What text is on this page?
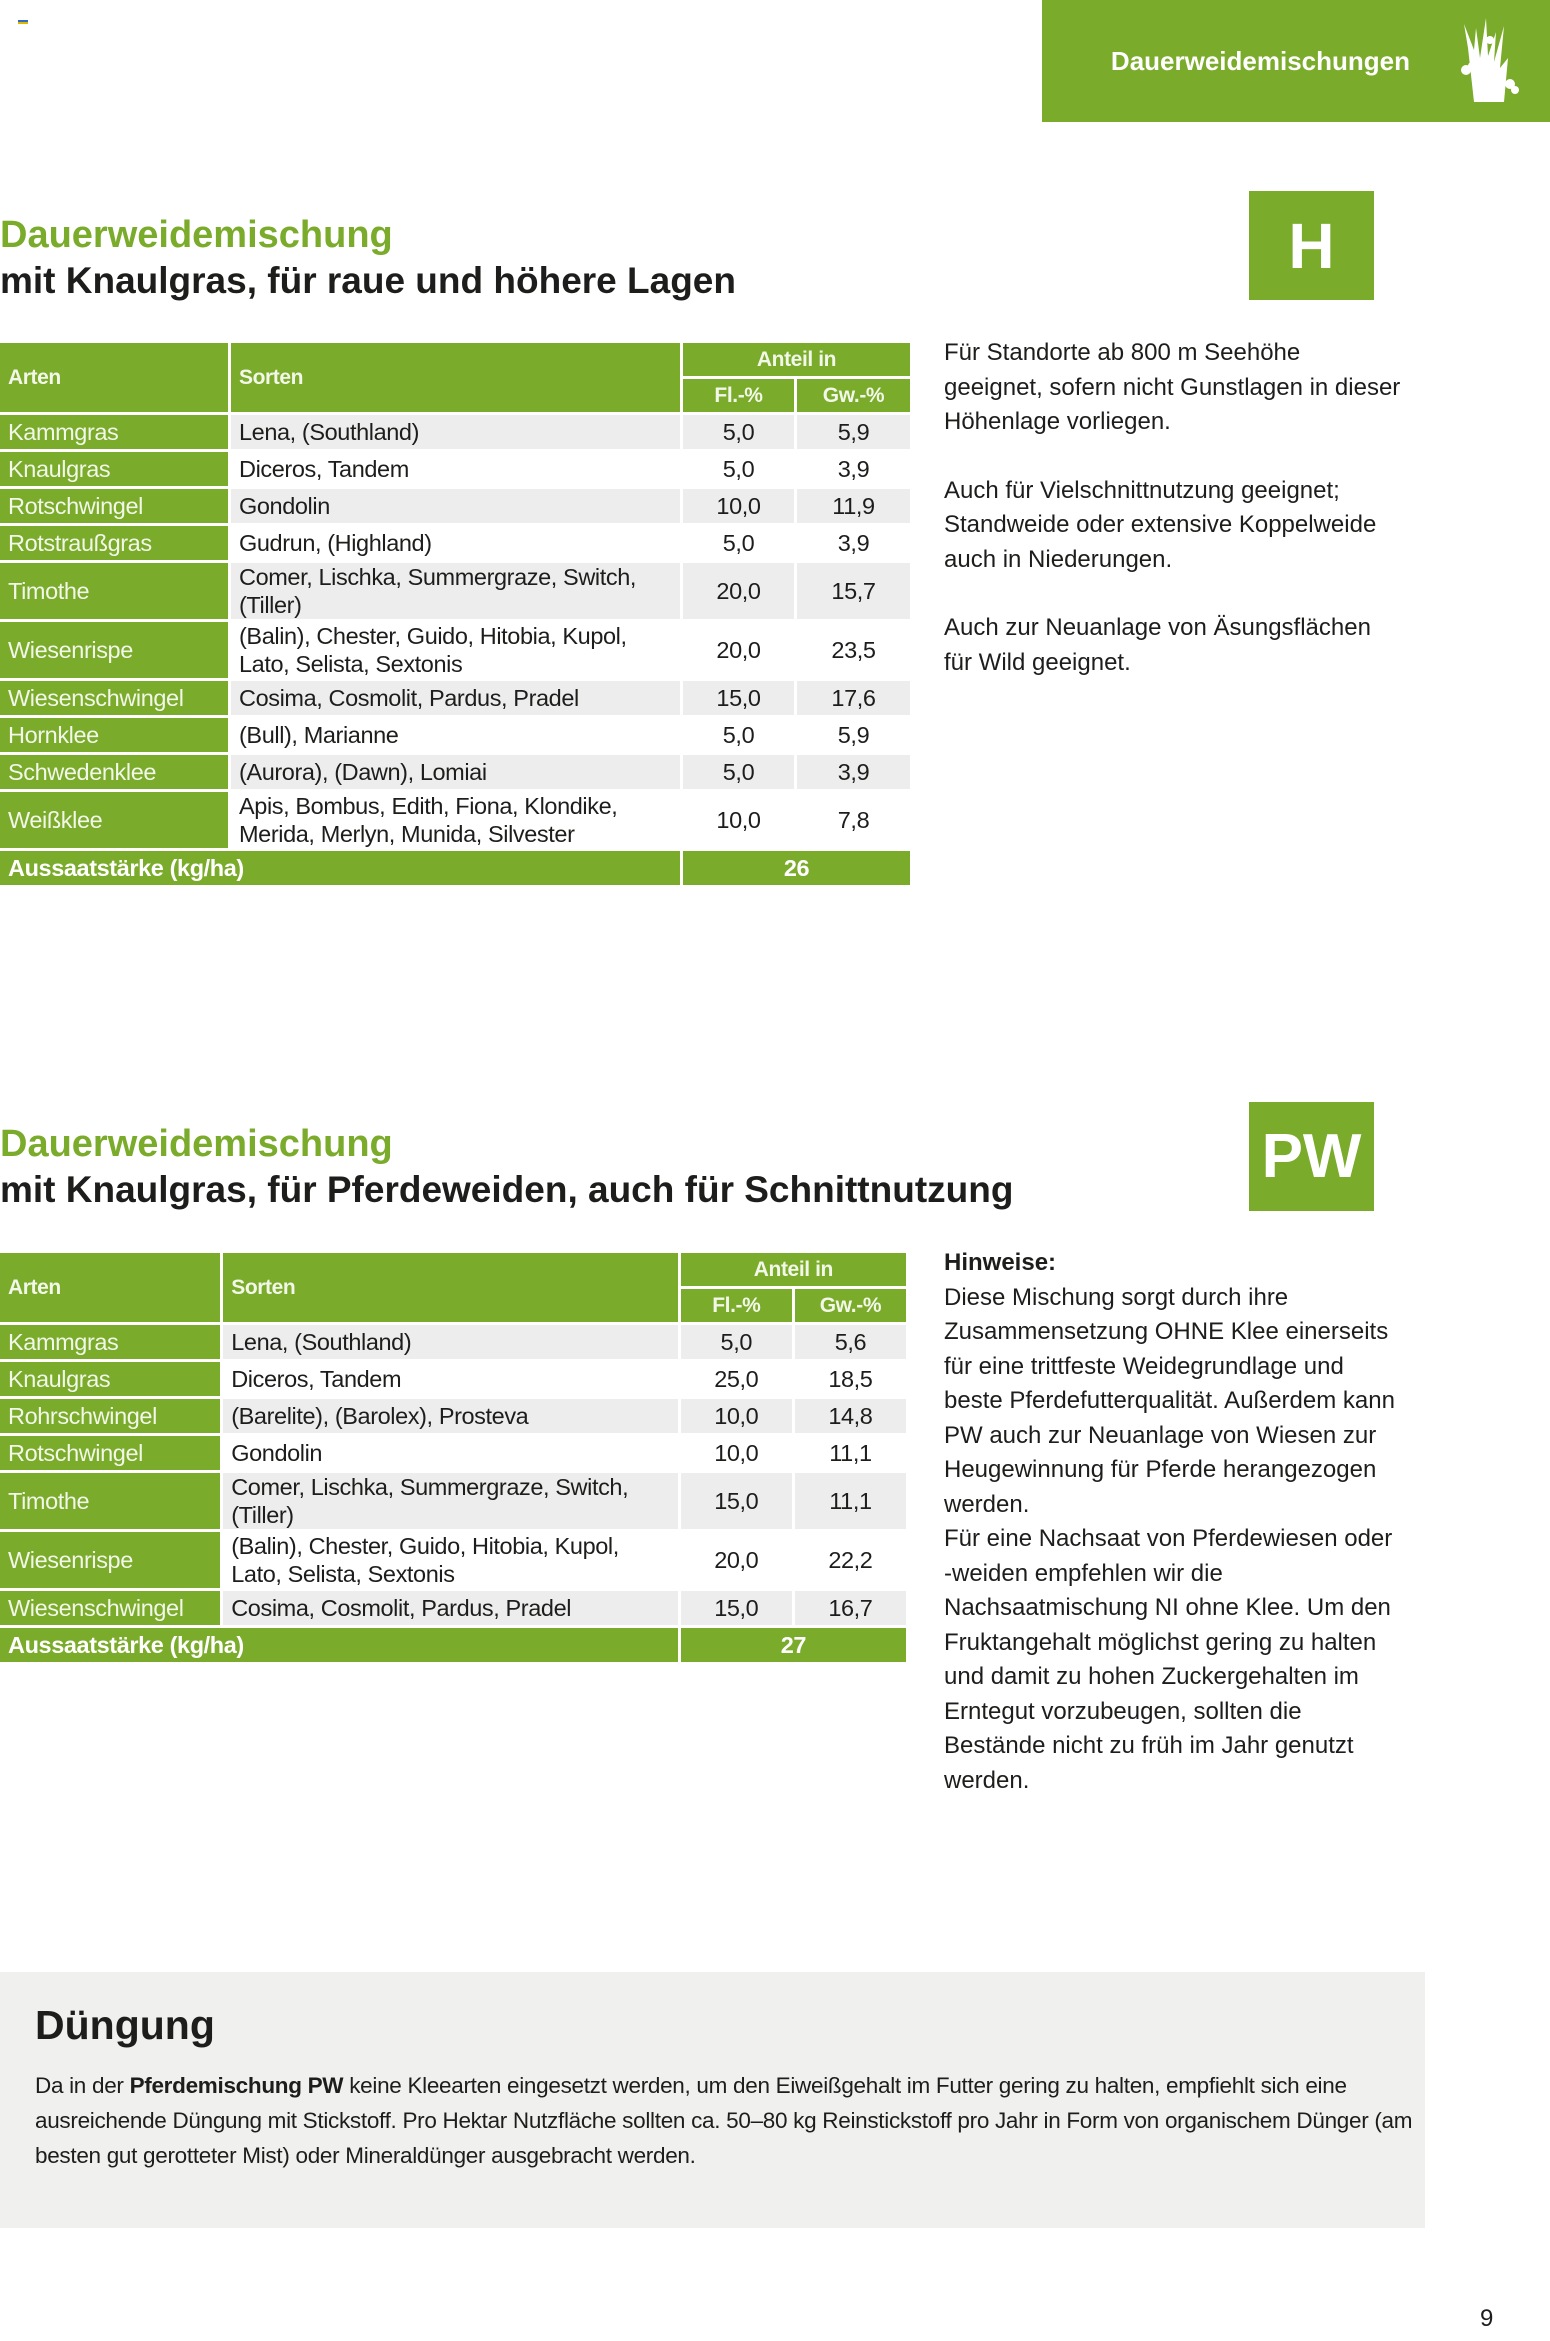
Dauerweidemischungen
Dauerweidemischung
mit Knaulgras, für raue und höhere Lagen	H
Arten	Sorten	Anteil in	
		Fl.-%	Gw.-%
Kammgras	Lena, (Southland)	5,0	5,9
Knaulgras	Diceros, Tandem	5,0	3,9
Rotschwingel	Gondolin	10,0	11,9
Rotstraußgras	Gudrun, (Highland)	5,0	3,9
Timothe	Comer, Lischka, Summergraze, Switch, (Tiller)	20,0	15,7
Wiesenrispe	(Balin), Chester, Guido, Hitobia, Kupol, Lato, Selista, Sextonis	20,0	23,5
Wiesenschwingel	Cosima, Cosmolit, Pardus, Pradel	15,0	17,6
Hornklee	(Bull), Marianne	5,0	5,9
Schwedenklee	(Aurora), (Dawn), Lomiai	5,0	3,9
Weißklee	Apis, Bombus, Edith, Fiona, Klondike, Merida, Merlyn, Munida, Silvester	10,0	7,8
Aussaatstärke (kg/ha)		26	

Für Standorte ab 800 m Seehöhe geeignet, sofern nicht Gunstlagen in dieser Höhenlage vorliegen.

Auch für Vielschnittnutzung geeignet; Standweide oder extensive Koppelweide auch in Niederungen.

Auch zur Neuanlage von Äsungsflächen für Wild geeignet.

Dauerweidemischung
mit Knaulgras, für Pferdeweiden, auch für Schnittnutzung	PW
Arten	Sorten	Anteil in	
		Fl.-%	Gw.-%
Kammgras	Lena, (Southland)	5,0	5,6
Knaulgras	Diceros, Tandem	25,0	18,5
Rohrschwingel	(Barelite), (Barolex), Prosteva	10,0	14,8
Rotschwingel	Gondolin	10,0	11,1
Timothe	Comer, Lischka, Summergraze, Switch, (Tiller)	15,0	11,1
Wiesenrispe	(Balin), Chester, Guido, Hitobia, Kupol, Lato, Selista, Sextonis	20,0	22,2
Wiesenschwingel	Cosima, Cosmolit, Pardus, Pradel	15,0	16,7
Aussaatstärke (kg/ha)		27	
Hinweise:
Diese Mischung sorgt durch ihre Zusammensetzung OHNE Klee einerseits für eine trittfeste Weidegrundlage und beste Pferdefutterqualität. Außerdem kann PW auch zur Neuanlage von Wiesen zur Heugewinnung für Pferde herangezogen werden.
Für eine Nachsaat von Pferdewiesen oder -weiden empfehlen wir die Nachsaatmischung NI ohne Klee. Um den Fruktangehalt möglichst gering zu halten und damit zu hohen Zuckergehalten im Erntegut vorzubeugen, sollten die Bestände nicht zu früh im Jahr genutzt werden.
Düngung

Da in der Pferdemischung PW keine Kleearten eingesetzt werden, um den Eiweißgehalt im Futter gering zu halten, empfiehlt sich eine ausreichende Düngung mit Stickstoff. Pro Hektar Nutzfläche sollten ca. 50–80 kg Reinstickstoff pro Jahr in Form von organischem Dünger (am besten gut gerotteter Mist) oder Mineraldünger ausgebracht werden.

9
